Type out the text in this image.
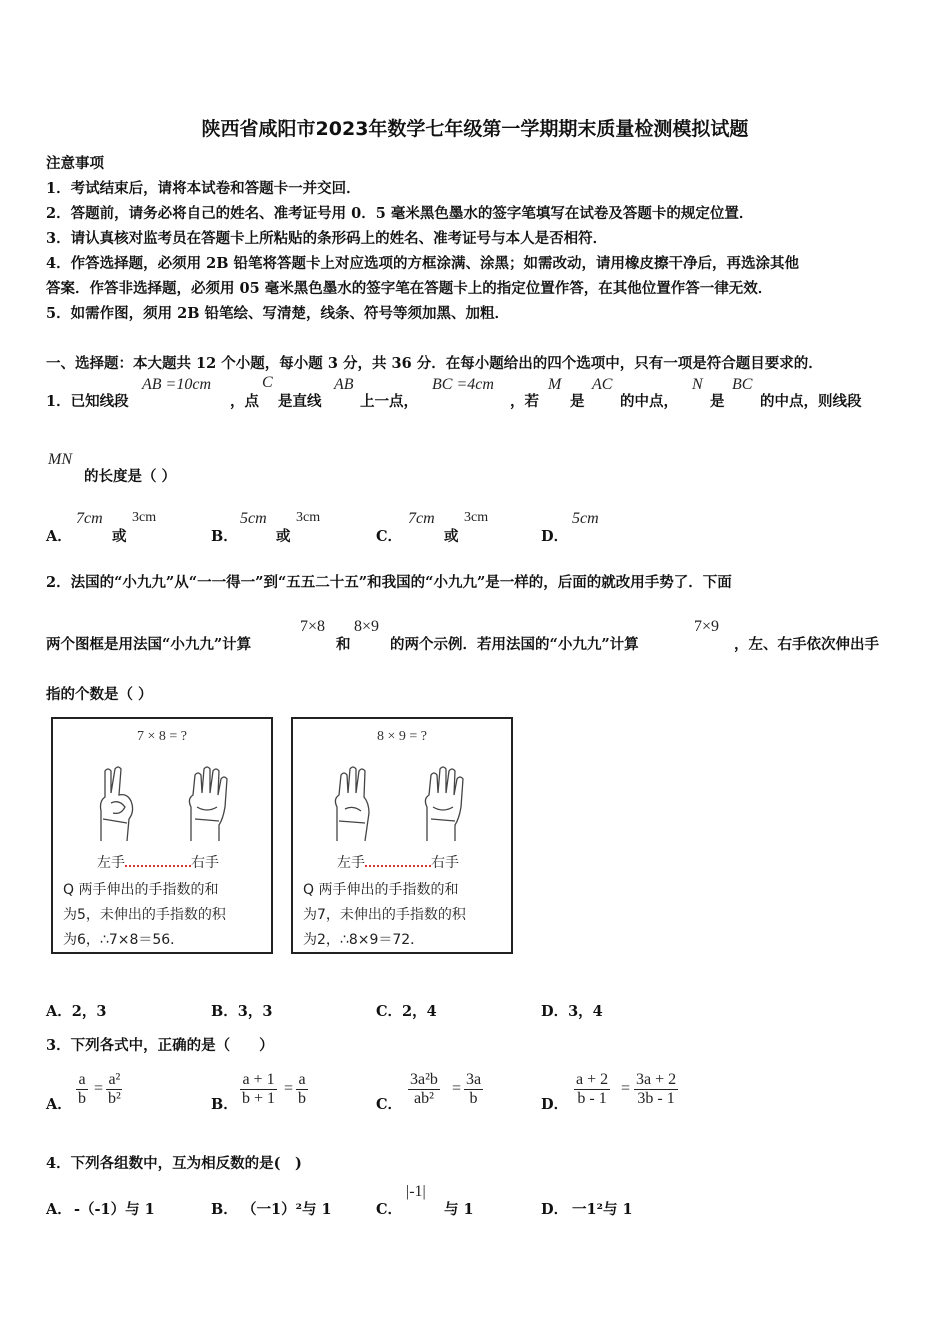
陕西省咸阳市2023年数学七年级第一学期期末质量检测模拟试题
注意事项
1．考试结束后，请将本试卷和答题卡一并交回．
2．答题前，请务必将自己的姓名、准考证号用 0．5 毫米黑色墨水的签字笔填写在试卷及答题卡的规定位置．
3．请认真核对监考员在答题卡上所粘贴的条形码上的姓名、准考证号与本人是否相符．
4．作答选择题，必须用 2B 铅笔将答题卡上对应选项的方框涂满、涂黑；如需改动，请用橡皮擦干净后，再选涂其他
答案．作答非选择题，必须用 05 毫米黑色墨水的签字笔在答题卡上的指定位置作答，在其他位置作答一律无效．
5．如需作图，须用 2B 铅笔绘、写清楚，线条、符号等须加黑、加粗．
一、选择题：本大题共 12 个小题，每小题 3 分，共 36 分．在每小题给出的四个选项中，只有一项是符合题目要求的．
1．已知线段
AB =10cm
，点
C
是直线
AB
上一点，
BC =4cm
，若
M
是
AC
的中点，
N
是
BC
的中点，则线段
MN
的长度是（ ）
A．
7cm
或
3cm
B．
5cm
或
3cm
C．
7cm
或
3cm
D．
5cm
2．法国的“小九九”从“一一得一”到“五五二十五”和我国的“小九九”是一样的，后面的就改用手势了．下面
两个图框是用法国“小九九”计算
7×8
和
8×9
的两个示例．若用法国的“小九九”计算
7×9
，左、右手依次伸出手
指的个数是（ ）
7 × 8 = ?
左手	右手
Q 两手伸出的手指数的和
为5，未伸出的手指数的积
为6，∴7×8＝56．
8 × 9 = ?
左手	右手
Q 两手伸出的手指数的和
为7，未伸出的手指数的积
为2，∴8×9＝72．
A．2，3	B．3，3	C．2，4	D．3，4
3．下列各式中，正确的是（　　）
A． $\frac{a}{b} = \frac{\text{a²}}{\text{b²}}$	B． $\frac{a + 1}{b + 1} = \frac{a}{b}$	C． $\frac{\text{3a²b}}{\text{ab²}} = \frac{3a}{b}$	D． $\frac{a + 2}{b - 1} = \frac{3a + 2}{3b - 1}$
4．下列各组数中，互为相反数的是(　)
A． -（-1）与 1	B． （一1）²与 1	C．
|-1|
与 1	D． 一1²与 1
